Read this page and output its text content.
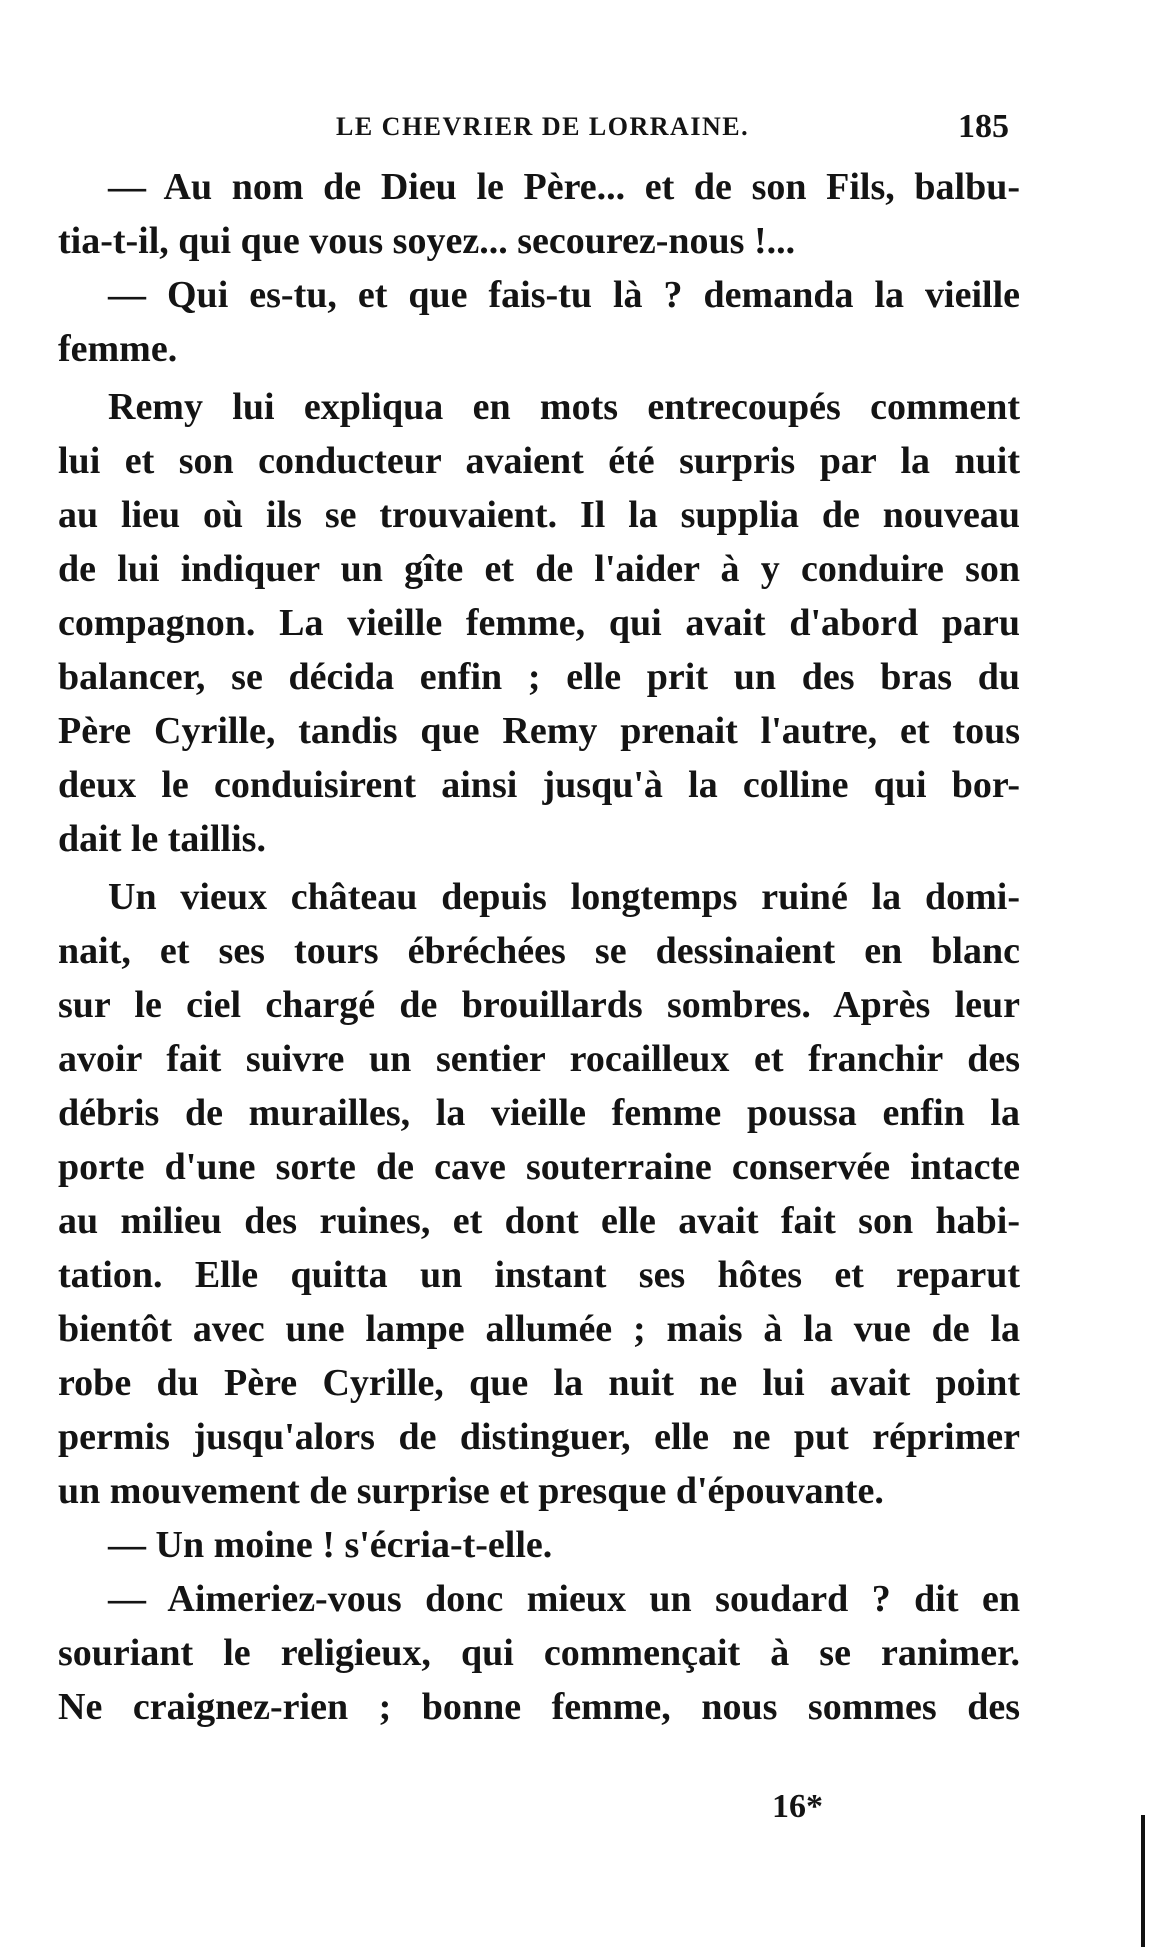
LE CHEVRIER DE LORRAINE.	185
— Au nom de Dieu le Père... et de son Fils, balbu-
tia-t-il, qui que vous soyez... secourez-nous !...
— Qui es-tu, et que fais-tu là ? demanda la vieille
femme.
Remy lui expliqua en mots entrecoupés comment
lui et son conducteur avaient été surpris par la nuit
au lieu où ils se trouvaient. Il la supplia de nouveau
de lui indiquer un gîte et de l'aider à y conduire son
compagnon. La vieille femme, qui avait d'abord paru
balancer, se décida enfin ; elle prit un des bras du
Père Cyrille, tandis que Remy prenait l'autre, et tous
deux le conduisirent ainsi jusqu'à la colline qui bor-
dait le taillis.
Un vieux château depuis longtemps ruiné la domi-
nait, et ses tours ébréchées se dessinaient en blanc
sur le ciel chargé de brouillards sombres. Après leur
avoir fait suivre un sentier rocailleux et franchir des
débris de murailles, la vieille femme poussa enfin la
porte d'une sorte de cave souterraine conservée intacte
au milieu des ruines, et dont elle avait fait son habi-
tation. Elle quitta un instant ses hôtes et reparut
bientôt avec une lampe allumée ; mais à la vue de la
robe du Père Cyrille, que la nuit ne lui avait point
permis jusqu'alors de distinguer, elle ne put réprimer
un mouvement de surprise et presque d'épouvante.
— Un moine ! s'écria-t-elle.
— Aimeriez-vous donc mieux un soudard ? dit en
souriant le religieux, qui commençait à se ranimer.
Ne craignez-rien ; bonne femme, nous sommes des
16*
